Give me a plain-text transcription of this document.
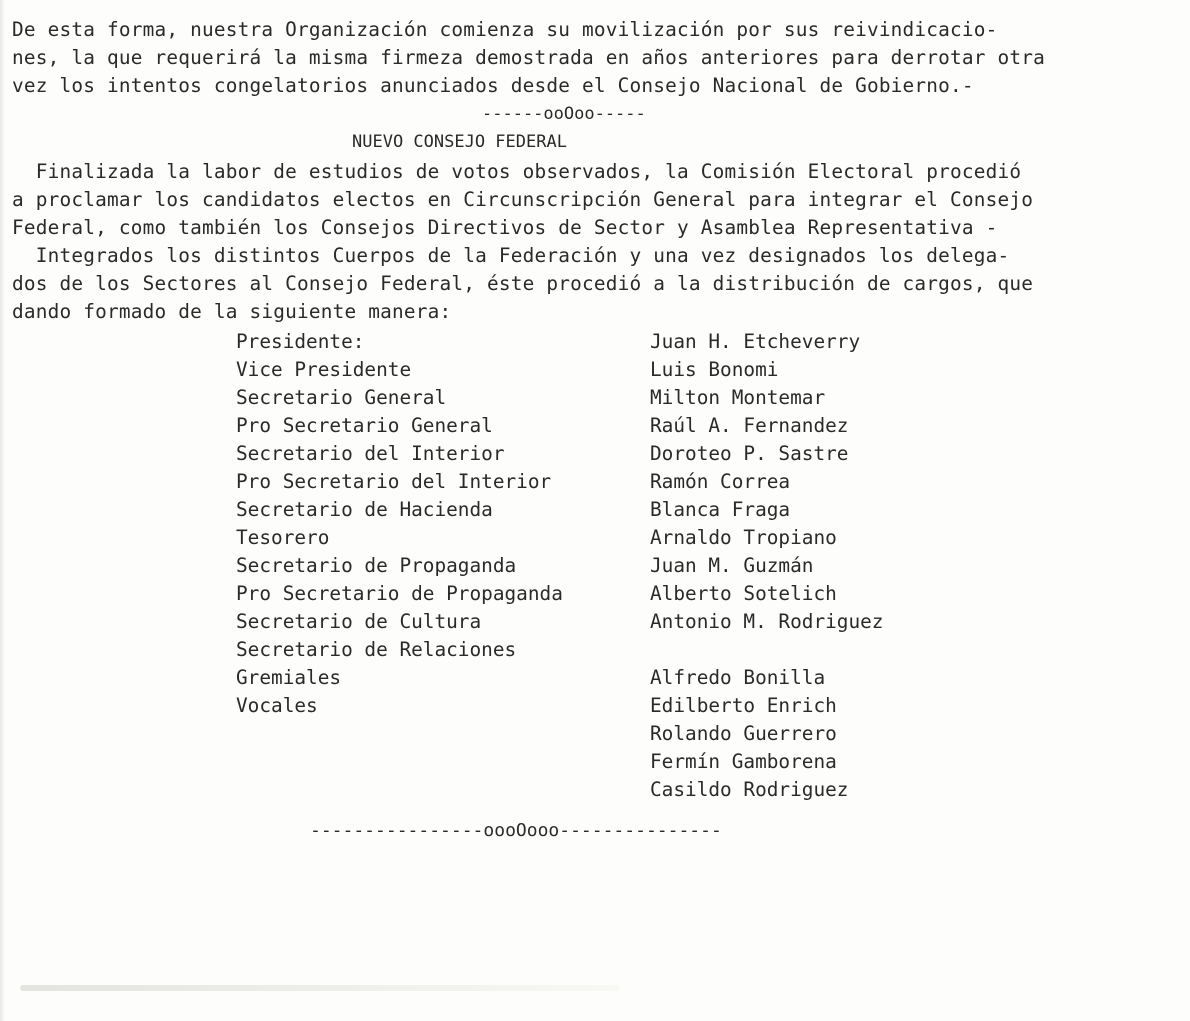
De esta forma, nuestra Organización comienza su movilización por sus reivindicacio-
nes, la que requerirá la misma firmeza demostrada en años anteriores para derrotar otra
vez los intentos congelatorios anunciados desde el Consejo Nacional de Gobierno.-
------ooOoo-----
NUEVO CONSEJO FEDERAL
Finalizada la labor de estudios de votos observados, la Comisión Electoral procedió
a proclamar los candidatos electos en Circunscripción General para integrar el Consejo
Federal, como también los Consejos Directivos de Sector y Asamblea Representativa -
Integrados los distintos Cuerpos de la Federación y una vez designados los delega-
dos de los Sectores al Consejo Federal, éste procedió a la distribución de cargos, que
dando formado de la siguiente manera:
Presidente:
Vice Presidente
Secretario General
Pro Secretario General
Secretario del Interior
Pro Secretario del Interior
Secretario de Hacienda
Tesorero
Secretario de Propaganda
Pro Secretario de Propaganda
Secretario de Cultura
Secretario de Relaciones
Gremiales
Vocales
Juan H. Etcheverry
Luis Bonomi
Milton Montemar
Raúl A. Fernandez
Doroteo P. Sastre
Ramón Correa
Blanca Fraga
Arnaldo Tropiano
Juan M. Guzmán
Alberto Sotelich
Antonio M. Rodriguez
Alfredo Bonilla
Edilberto Enrich
Rolando Guerrero
Fermín Gamborena
Casildo Rodriguez
----------------oooOooo---------------
